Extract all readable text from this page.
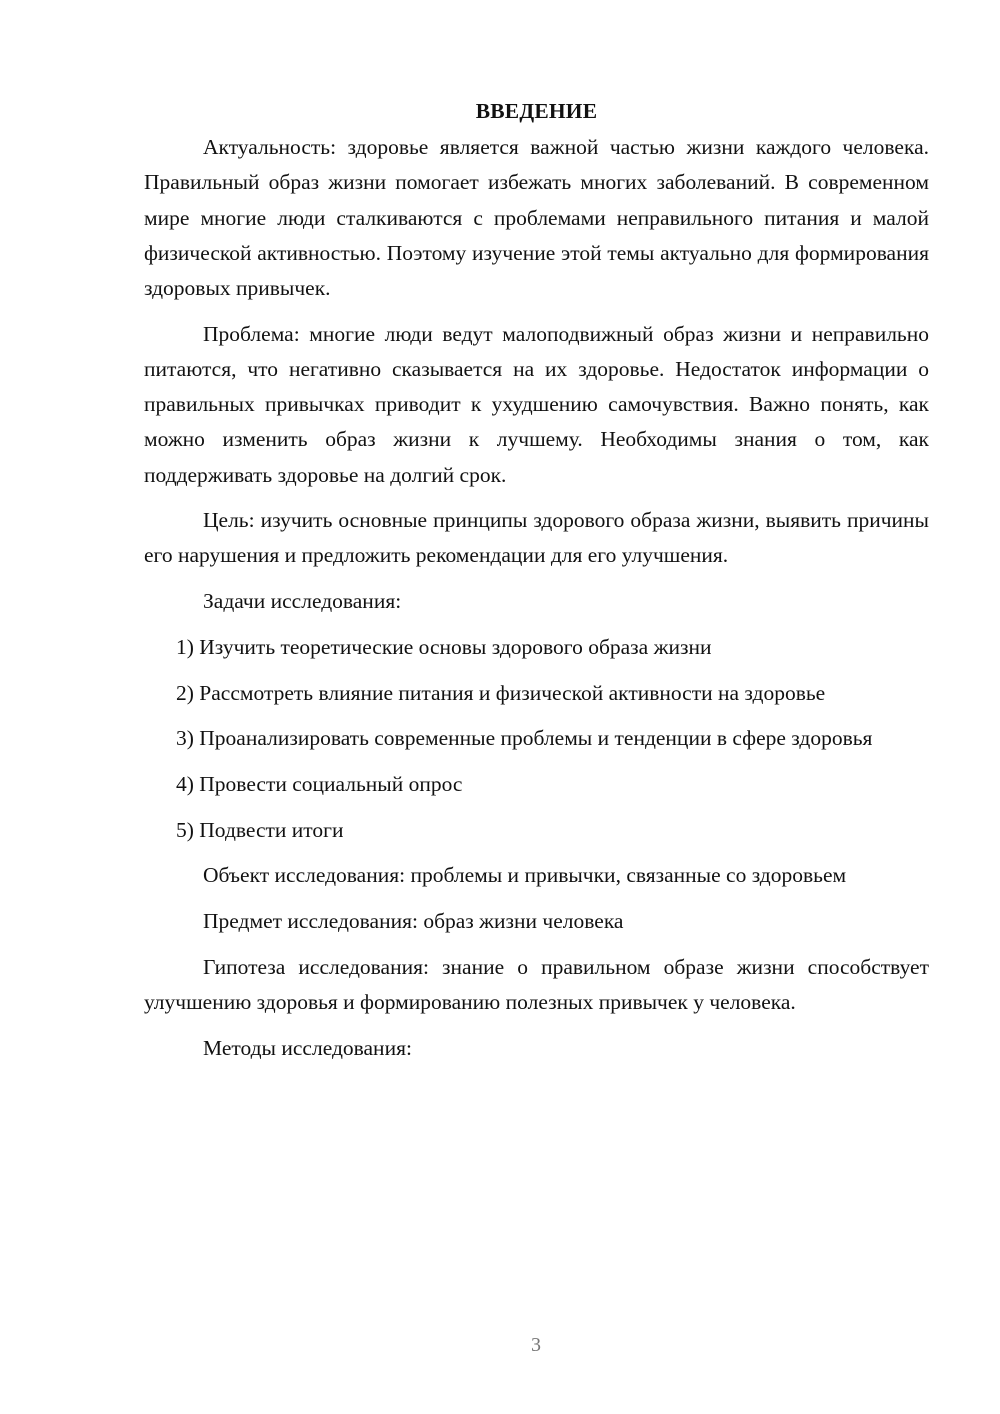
ВВЕДЕНИЕ

Актуальность: здоровье является важной частью жизни каждого человека. Правильный образ жизни помогает избежать многих заболеваний. В современном мире многие люди сталкиваются с проблемами неправильного питания и малой физической активностью. Поэтому изучение этой темы актуально для формирования здоровых привычек.

Проблема: многие люди ведут малоподвижный образ жизни и неправильно питаются, что негативно сказывается на их здоровье. Недостаток информации о правильных привычках приводит к ухудшению самочувствия. Важно понять, как можно изменить образ жизни к лучшему. Необходимы знания о том, как поддерживать здоровье на долгий срок.

Цель: изучить основные принципы здорового образа жизни, выявить причины его нарушения и предложить рекомендации для его улучшения.

Задачи исследования:

1) Изучить теоретические основы здорового образа жизни

2) Рассмотреть влияние питания и физической активности на здоровье

3) Проанализировать современные проблемы и тенденции в сфере здоровья

4) Провести социальный опрос

5) Подвести итоги

Объект исследования: проблемы и привычки, связанные со здоровьем

Предмет исследования: образ жизни человека

Гипотеза исследования: знание о правильном образе жизни способствует улучшению здоровья и формированию полезных привычек у человека.

Методы исследования:

3
